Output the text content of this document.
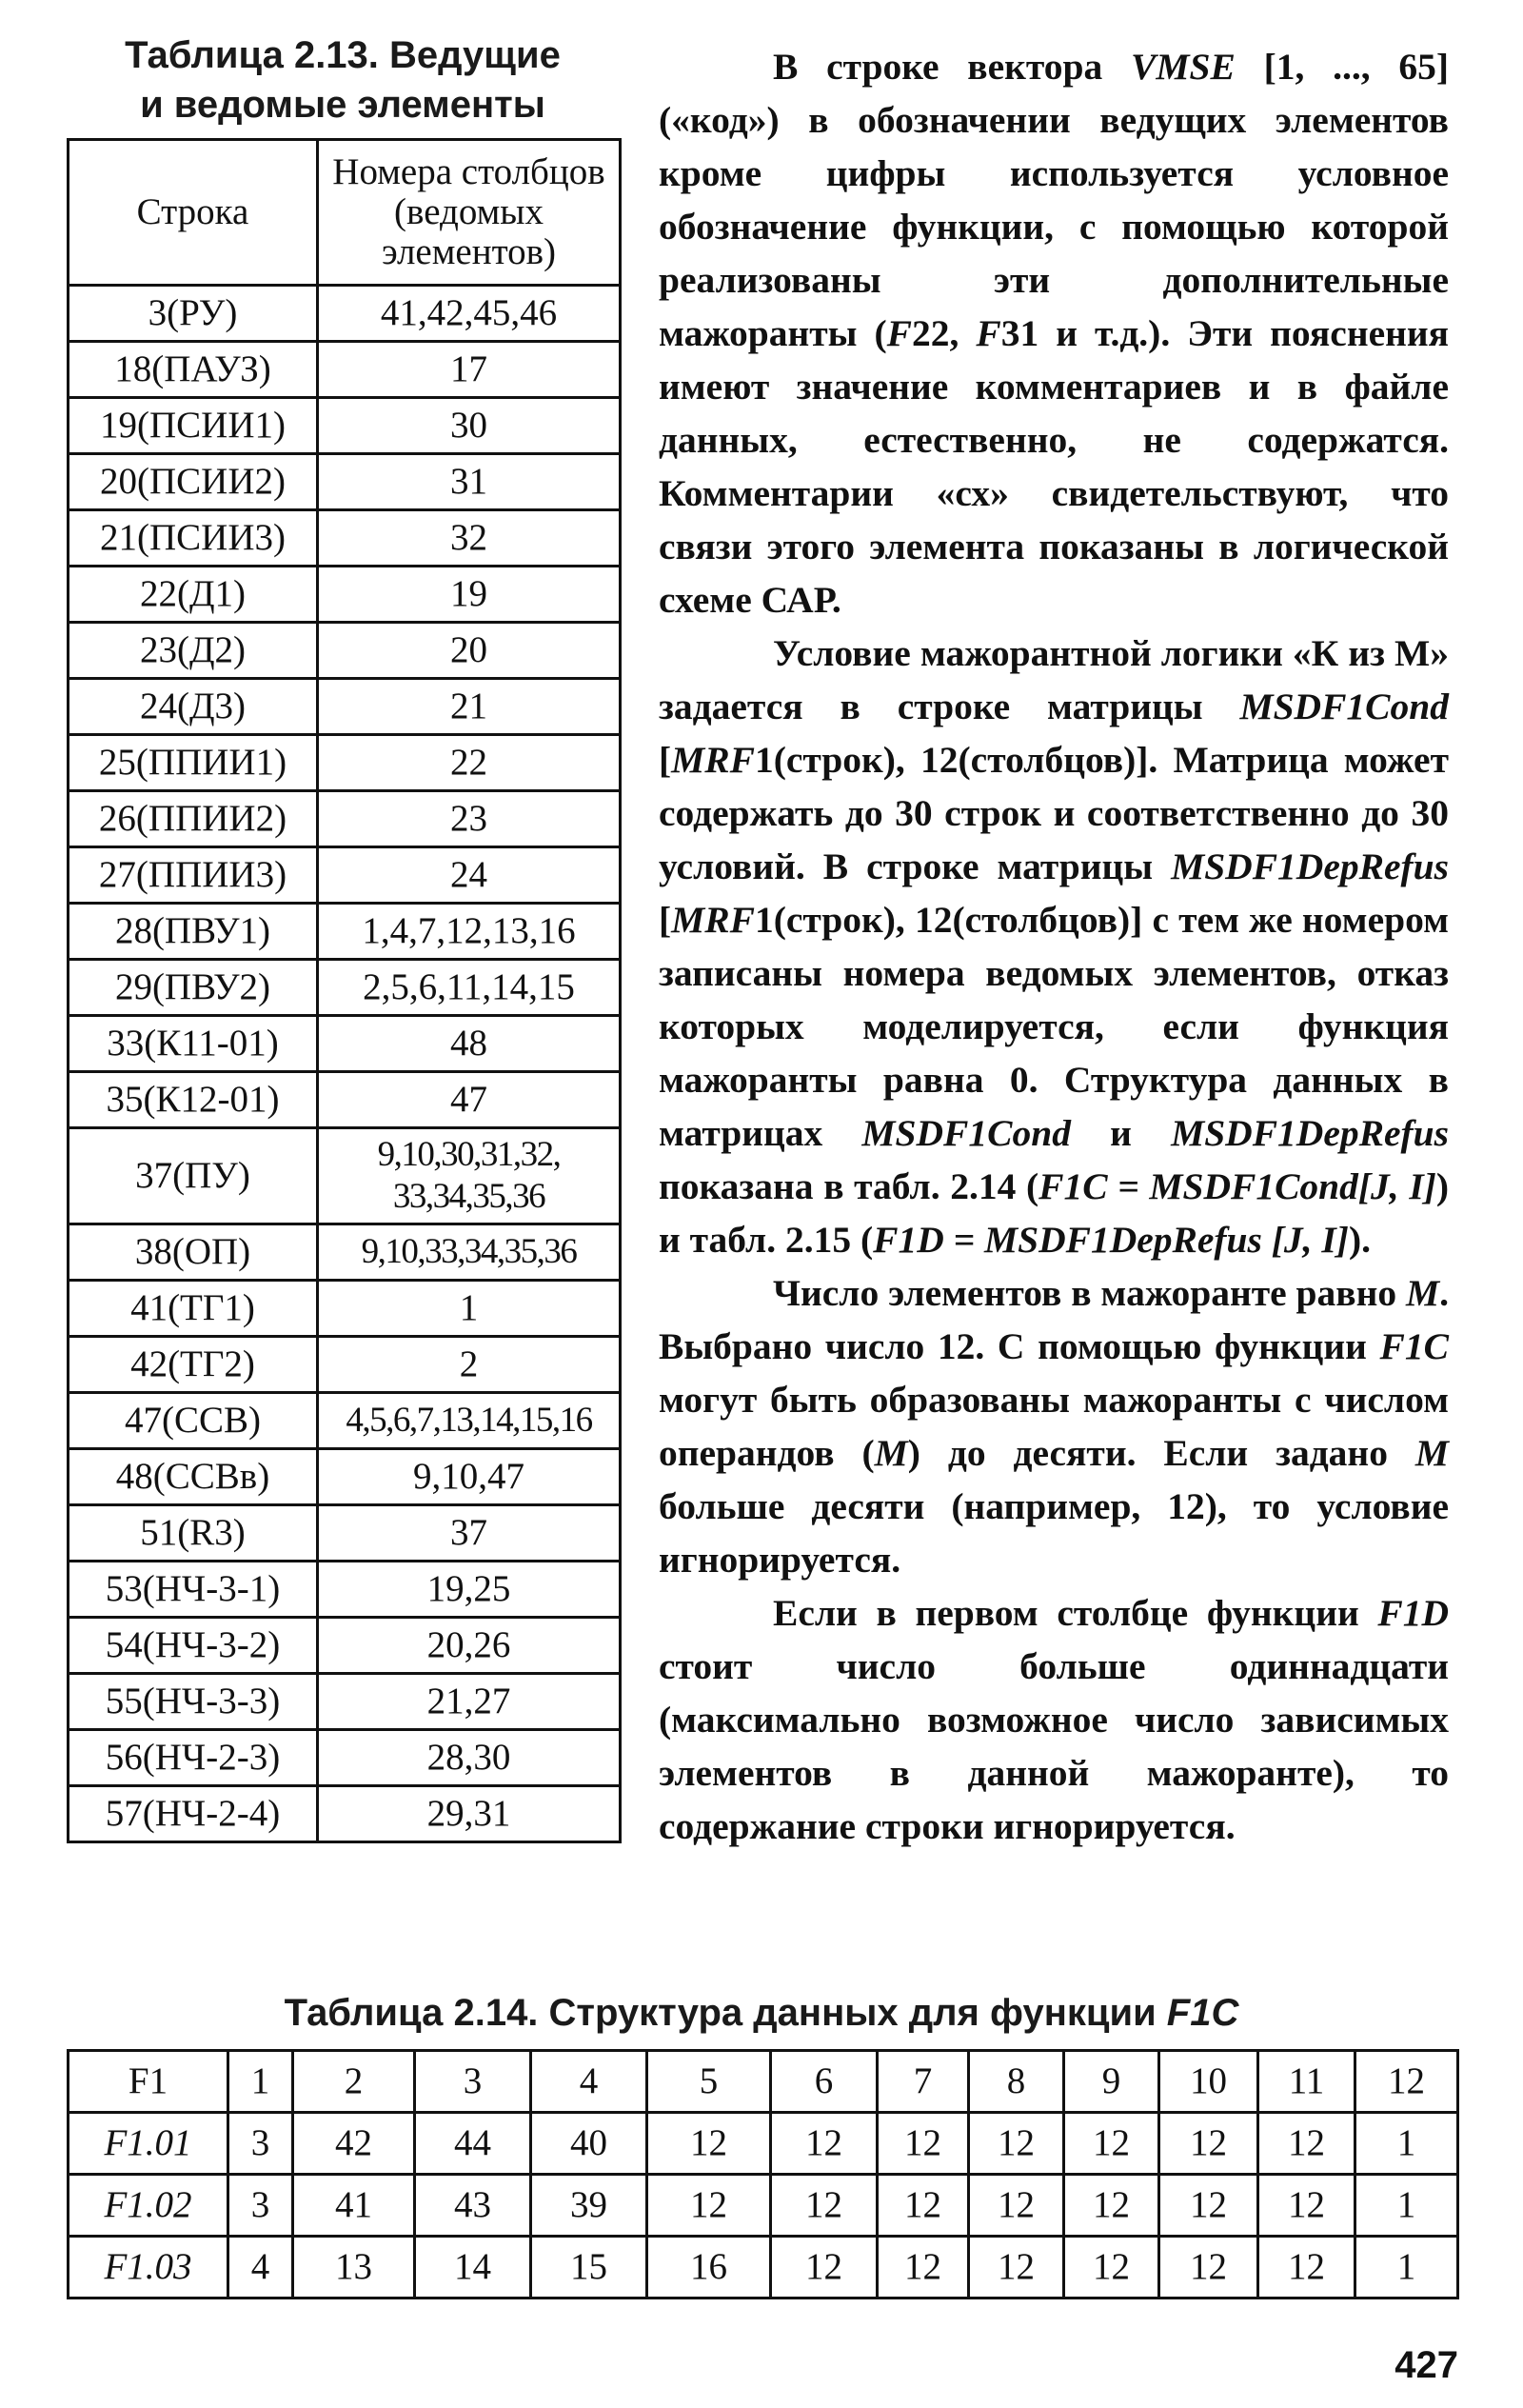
Таблица 2.13. Ведущие
и ведомые элементы
Строка	Номера столбцов (ведомых элементов)
3(РУ)	41,42,45,46
18(ПАУЗ)	17
19(ПСИИ1)	30
20(ПСИИ2)	31
21(ПСИИ3)	32
22(Д1)	19
23(Д2)	20
24(Д3)	21
25(ППИИ1)	22
26(ППИИ2)	23
27(ППИИ3)	24
28(ПВУ1)	1,4,7,12,13,16
29(ПВУ2)	2,5,6,11,14,15
33(К11-01)	48
35(К12-01)	47
37(ПУ)	9,10,30,31,32, 33,34,35,36
38(ОП)	9,10,33,34,35,36
41(ТГ1)	1
42(ТГ2)	2
47(ССВ)	4,5,6,7,13,14,15,16
48(ССВв)	9,10,47
51(R3)	37
53(НЧ-3-1)	19,25
54(НЧ-3-2)	20,26
55(НЧ-3-3)	21,27
56(НЧ-2-3)	28,30
57(НЧ-2-4)	29,31

В строке вектора VMSE [1, ..., 65] («код») в обозначении ведущих элементов кроме цифры используется условное обозначение функции, с помощью которой реализованы эти дополнительные мажоранты (F22, F31 и т.д.). Эти пояснения имеют значение комментариев и в файле данных, естественно, не содержатся. Комментарии «сх» свидетельствуют, что связи этого элемента показаны в логической схеме САР.

Условие мажорантной логики «К из М» задается в строке матрицы MSDF1Cond [MRF1(строк), 12(столбцов)]. Матрица может содержать до 30 строк и соответственно до 30 условий. В строке матрицы MSDF1DepRefus [MRF1(строк), 12(столбцов)] с тем же номером записаны номера ведомых элементов, отказ которых моделируется, если функция мажоранты равна 0. Структура данных в матрицах MSDF1Cond и MSDF1DepRefus показана в табл. 2.14 (F1C = MSDF1Cond[J, I]) и табл. 2.15 (F1D = MSDF1DepRefus [J, I]).

Число элементов в мажоранте равно М. Выбрано число 12. С помощью функции F1C могут быть образованы мажоранты с числом операндов (М) до десяти. Если задано М больше десяти (например, 12), то условие игнорируется.

Если в первом столбце функции F1D стоит число больше одиннадцати (максимально возможное число зависимых элементов в данной мажоранте), то содержание строки игнорируется.

Таблица 2.14. Структура данных для функции F1C
F1	1	2	3	4	5	6	7	8	9	10	11	12
F1.01	3	42	44	40	12	12	12	12	12	12	12	1
F1.02	3	41	43	39	12	12	12	12	12	12	12	1
F1.03	4	13	14	15	16	12	12	12	12	12	12	1
427
